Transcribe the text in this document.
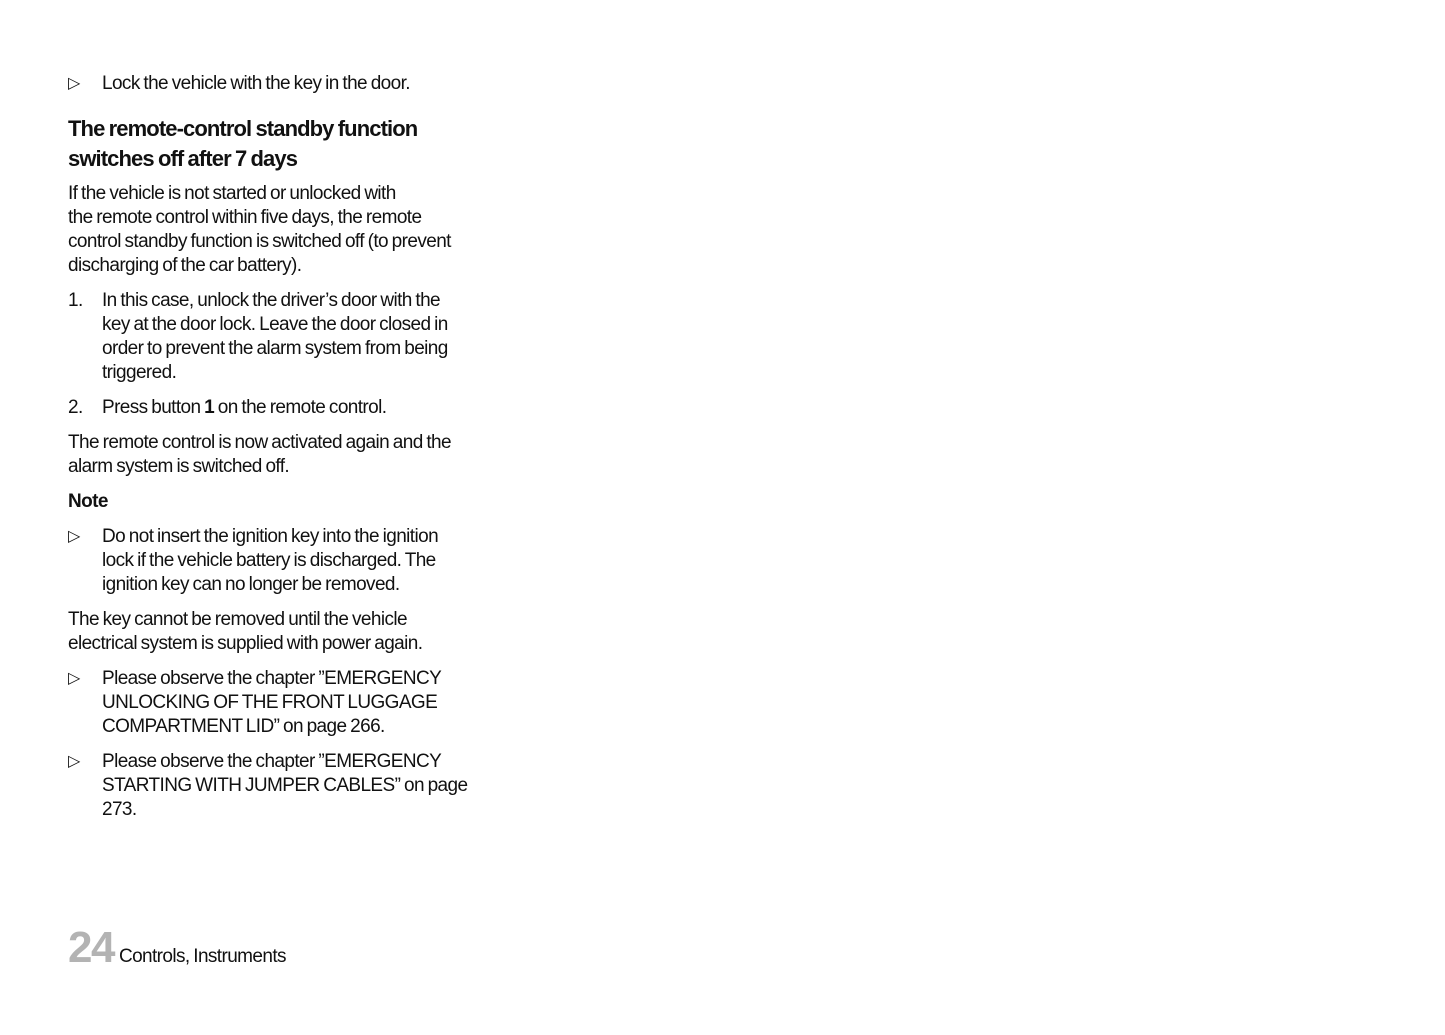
▷	Lock the vehicle with the key in the door.
The remote-control standby function
switches off after 7 days
If the vehicle is not started or unlocked with
the remote control within five days, the remote
control standby function is switched off (to prevent
discharging of the car battery).
1.	In this case, unlock the driver’s door with the
key at the door lock. Leave the door closed in
order to prevent the alarm system from being
triggered.
2.	Press button 1 on the remote control.
The remote control is now activated again and the
alarm system is switched off.
Note
▷	Do not insert the ignition key into the ignition
lock if the vehicle battery is discharged. The
ignition key can no longer be removed.
The key cannot be removed until the vehicle
electrical system is supplied with power again.
▷	Please observe the chapter ”EMERGENCY
UNLOCKING OF THE FRONT LUGGAGE
COMPARTMENT LID” on page 266.
▷	Please observe the chapter ”EMERGENCY
STARTING WITH JUMPER CABLES” on page
273.
24 Controls, Instruments
